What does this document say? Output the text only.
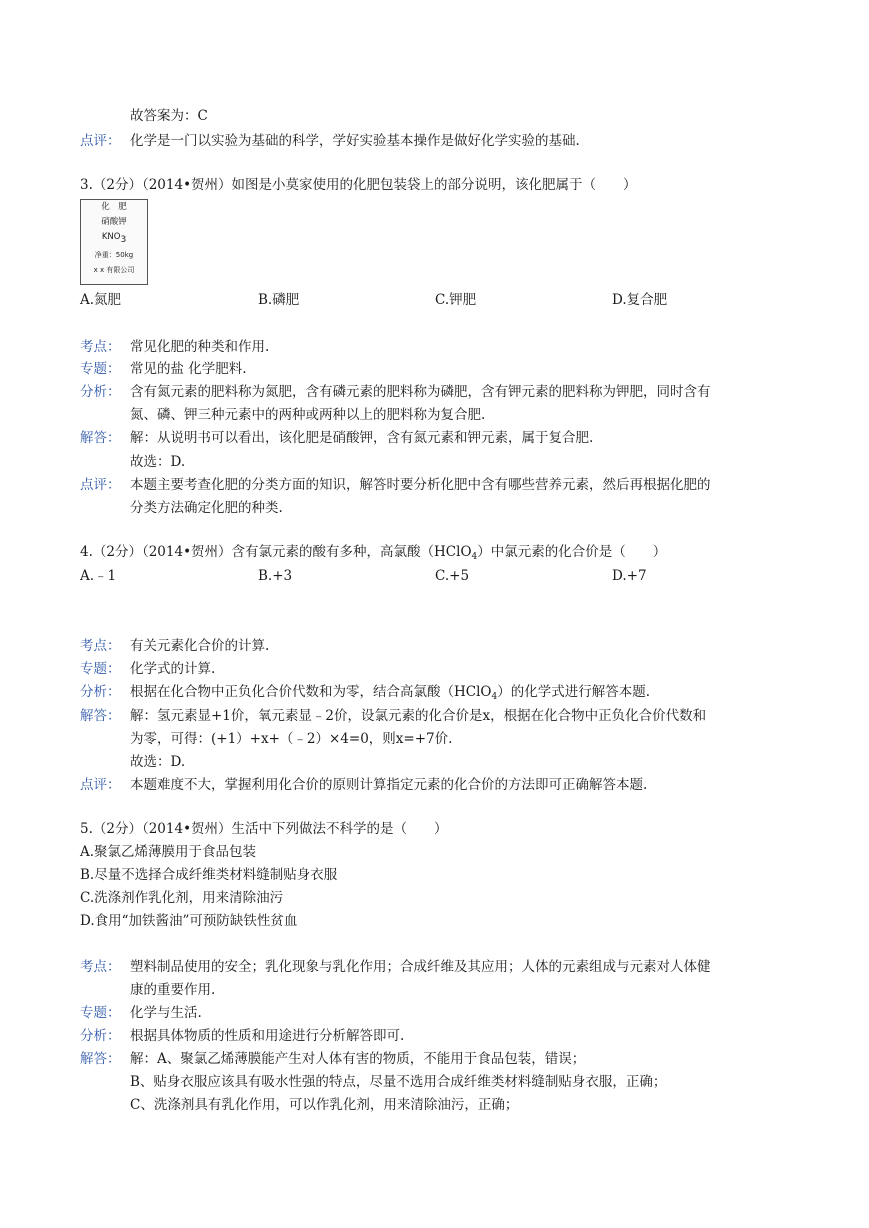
故答案为：C
点评： 化学是一门以实验为基础的科学，学好实验基本操作是做好化学实验的基础.
3.（2分）（2014•贺州）如图是小莫家使用的化肥包装袋上的部分说明，该化肥属于（　　）
化　肥
硝酸钾
$KNO_3$
净重：50kg
x x 有限公司
A.氮肥	B.磷肥	C.钾肥	D.复合肥
考点： 常见化肥的种类和作用.
专题： 常见的盐 化学肥料.
分析： 含有氮元素的肥料称为氮肥，含有磷元素的肥料称为磷肥，含有钾元素的肥料称为钾肥，同时含有
氮、磷、钾三种元素中的两种或两种以上的肥料称为复合肥.
解答： 解：从说明书可以看出，该化肥是硝酸钾，含有氮元素和钾元素，属于复合肥.
故选：D.
点评： 本题主要考查化肥的分类方面的知识，解答时要分析化肥中含有哪些营养元素，然后再根据化肥的
分类方法确定化肥的种类.
4.（2分）（2014•贺州）含有氯元素的酸有多种，高氯酸（HClO$_4$）中氯元素的化合价是（　　）
A.﹣1	B.+3	C.+5	D.+7
考点： 有关元素化合价的计算.
专题： 化学式的计算.
分析： 根据在化合物中正负化合价代数和为零，结合高氯酸（HClO$_4$）的化学式进行解答本题.
解答： 解：氢元素显+1价，氧元素显﹣2价，设氯元素的化合价是x，根据在化合物中正负化合价代数和
为零，可得：(+1）+x+（﹣2）×4=0，则x=+7价.
故选：D.
点评： 本题难度不大，掌握利用化合价的原则计算指定元素的化合价的方法即可正确解答本题.
5.（2分）（2014•贺州）生活中下列做法不科学的是（　　）
A.聚氯乙烯薄膜用于食品包装
B.尽量不选择合成纤维类材料缝制贴身衣服
C.洗涤剂作乳化剂，用来清除油污
D.食用“加铁酱油”可预防缺铁性贫血
考点： 塑料制品使用的安全；乳化现象与乳化作用；合成纤维及其应用；人体的元素组成与元素对人体健
康的重要作用.
专题： 化学与生活.
分析： 根据具体物质的性质和用途进行分析解答即可.
解答： 解：A、聚氯乙烯薄膜能产生对人体有害的物质，不能用于食品包装，错误；
B、贴身衣服应该具有吸水性强的特点，尽量不选用合成纤维类材料缝制贴身衣服，正确；
C、洗涤剂具有乳化作用，可以作乳化剂，用来清除油污，正确；
